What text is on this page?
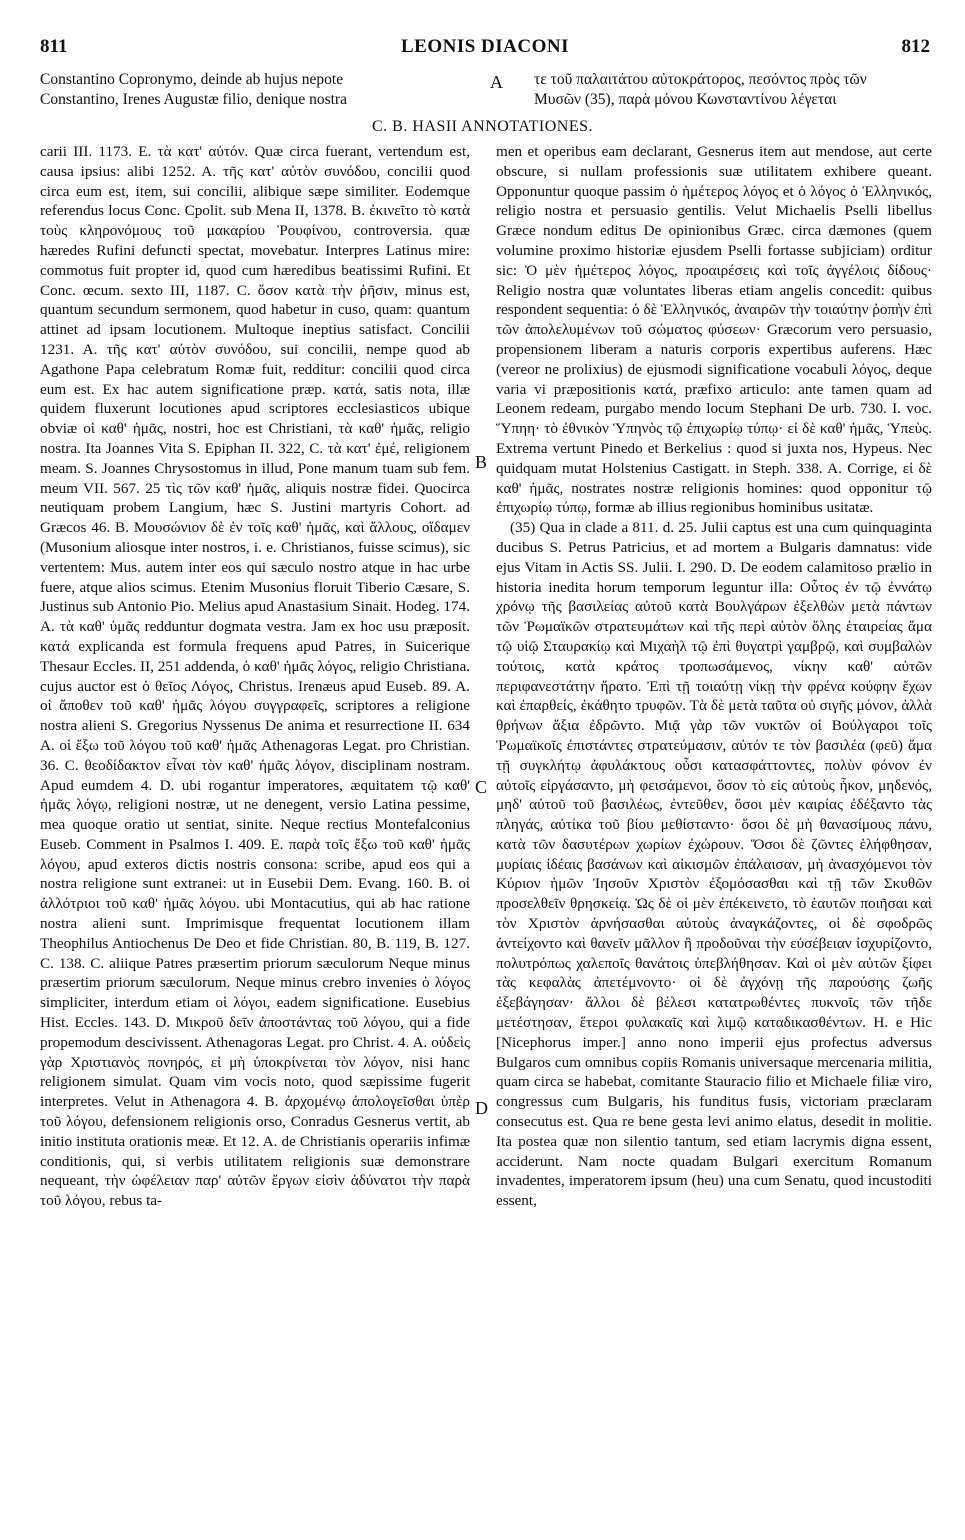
811	LEONIS DIACONI	812
Constantino Copronymo, deinde ab hujus nepote
Constantino, Irenes Augustæ filio, denique nostra
A τε τοῦ παλαιτάτου αὐτοκράτορος, πεσόντος πρὸς τῶν
Μυσῶν (35), παρὰ μόνου Κωνσταντίνου λέγεται
C. B. HASII ANNOTATIONES.

carii III. 1173. E. τὰ κατ' αὐτόν. Quæ circa fuerant, vertendum est, causa ipsius: alibi 1252. A. τῆς κατ' αὐτὸν συνόδου, concilii quod circa eum est, item, sui concilii, alibique sæpe similiter. Eodemque referendus locus Conc. Cpolit. sub Mena II, 1378. B. ἐκινεῖτο τὸ κατὰ τοὺς κληρονόμους τοῦ μακαρίου Ῥουφίνου, controversia. quæ hæredes Rufini defuncti spectat, movebatur. Interpres Latinus mire: commotus fuit propter id, quod cum hæredibus beatissimi Rufini. Et Conc. œcum. sexto III, 1187. C. ὅσον κατὰ τὴν ῥῆσιν, minus est, quantum secundum sermonem, quod habetur in cuso, quam: quantum attinet ad ipsam locutionem. Multoque ineptius satisfact. Concilii 1231. A. τῆς κατ' αὐτὸν συνόδου, sui concilii, nempe quod ab Agathone Papa celebratum Romæ fuit, redditur: concilii quod circa eum est. Ex hac autem significatione præp. κατά, satis nota, illæ quidem fluxerunt locutiones apud scriptores ecclesiasticos ubique obviæ οἱ καθ' ἡμᾶς, nostri, hoc est Christiani, τὰ καθ' ἡμᾶς, religio nostra. Ita Joannes Vita S. Epiphan II. 322, C. τὰ κατ' ἐμέ, religionem meam. S. Joannes Chrysostomus in illud, Pone manum tuam sub fem. meum VII. 567. 25 τὶς τῶν καθ' ἡμᾶς, aliquis nostræ fidei. Quocirca neutiquam probem Langium, hæc S. Justini martyris Cohort. ad Græcos 46. B. Μουσώνιον δὲ ἐν τοῖς καθ' ἡμᾶς, καὶ ἄλλους, οἴδαμεν (Musonium aliosque inter nostros, i. e. Christianos, fuisse scimus), sic vertentem: Mus. autem inter eos qui sæculo nostro atque in hac urbe fuere, atque alios scimus. Etenim Musonius floruit Tiberio Cæsare, S. Justinus sub Antonio Pio. Melius apud Anastasium Sinait. Hodeg. 174. A. τὰ καθ' ὑμᾶς redduntur dogmata vestra. Jam ex hoc usu præposit. κατά explicanda est formula frequens apud Patres, in Suicerique Thesaur Eccles. II, 251 addenda, ὁ καθ' ἡμᾶς λόγος, religio Christiana. cujus auctor est ὁ θεῖος Λόγος, Christus. Irenæus apud Euseb. 89. A. οἱ ἄποθεν τοῦ καθ' ἡμᾶς λόγου συγγραφεῖς, scriptores a religione nostra alieni S. Gregorius Nyssenus De anima et resurrectione II. 634 A. οἱ ἔξω τοῦ λόγου τοῦ καθ' ἡμᾶς Athenagoras Legat. pro Christian. 36. C. θεοδίδακτον εἶναι τὸν καθ' ἡμᾶς λόγον, disciplinam nostram. Apud eumdem 4. D. ubi rogantur imperatores, æquitatem τῷ καθ' ἡμᾶς λόγῳ, religioni nostræ, ut ne denegent, versio Latina pessime, mea quoque oratio ut sentiat, sinite. Neque rectius Montefalconius Euseb. Comment in Psalmos I. 409. E. παρὰ τοῖς ἔξω τοῦ καθ' ἡμᾶς λόγου, apud exteros dictis nostris consona: scribe, apud eos qui a nostra religione sunt extranei: ut in Eusebii Dem. Evang. 160. B. οἱ ἀλλότριοι τοῦ καθ' ἡμᾶς λόγου. ubi Montacutius, qui ab hac ratione nostra alieni sunt. Imprimisque frequentat locutionem illam Theophilus Antiochenus De Deo et fide Christian. 80, B. 119, B. 127. C. 138. C. aliique Patres præsertim priorum sæculorum Neque minus præsertim priorum sæculorum. Neque minus crebro invenies ὁ λόγος simpliciter, interdum etiam οἱ λόγοι, eadem significatione. Eusebius Hist. Eccles. 143. D. Μικροῦ δεῖν ἀποστάντας τοῦ λόγου, qui a fide propemodum descivissent. Athenagoras Legat. pro Christ. 4. A. οὐδεὶς γὰρ Χριστιανὸς πονηρός, εἰ μὴ ὑποκρίνεται τὸν λόγον, nisi hanc religionem simulat. Quam vim vocis noto, quod sæpissime fugerit interpretes. Velut in Athenagora 4. B. ἀρχομένῳ ἀπολογεῖσθαι ὑπὲρ τοῦ λόγου, defensionem religionis orso, Conradus Gesnerus vertit, ab initio instituta orationis meæ. Et 12. A. de Christianis operariis infimæ conditionis, qui, si verbis utilitatem religionis suæ demonstrare nequeant, τὴν ὠφέλειαν παρ' αὐτῶν ἔργων εἰσὶν ἀδύνατοι τὴν παρὰ τοῦ λόγου, rebus ta-

B
C
D

men et operibus eam declarant, Gesnerus item aut mendose, aut certe obscure, si nullam professionis suæ utilitatem exhibere queant. Opponuntur quoque passim ὁ ἡμέτερος λόγος et ὁ λόγος ὁ Ἑλληνικός, religio nostra et persuasio gentilis. Velut Michaelis Pselli libellus Græce nondum editus De opinionibus Græc. circa dæmones (quem volumine proximo historiæ ejusdem Pselli fortasse subjiciam) orditur sic: Ὁ μὲν ἡμέτερος λόγος, προαιρέσεις καὶ τοῖς ἀγγέλοις δίδους· Religio nostra quæ voluntates liberas etiam angelis concedit: quibus respondent sequentia: ὁ δὲ Ἑλληνικός, ἀναιρῶν τὴν τοιαύτην ῥοπὴν ἐπὶ τῶν ἀπολελυμένων τοῦ σώματος φύσεων· Græcorum vero persuasio, propensionem liberam a naturis corporis expertibus auferens. Hæc (vereor ne prolixius) de ejusmodi significatione vocabuli λόγος, deque varia vi præpositionis κατά, præfixo articulo: ante tamen quam ad Leonem redeam, purgabo mendo locum Stephani De urb. 730. I. voc. Ὕπηη· τὸ ἐθνικὸν Ὑπηνὸς τῷ ἐπιχωρίῳ τύπῳ· εἰ δὲ καθ' ἡμᾶς, Ὑπεὺς. Extrema vertunt Pinedo et Berkelius : quod si juxta nos, Hypeus. Nec quidquam mutat Holstenius Castigatt. in Steph. 338. A. Corrige, εἰ δὲ καθ' ἡμᾶς, nostrates nostræ religionis homines: quod opponitur τῷ ἐπιχωρίῳ τύπῳ, formæ ab illius regionibus hominibus usitatæ.

(35) Qua in clade a 811. d. 25. Julii captus est una cum quinquaginta ducibus S. Petrus Patricius, et ad mortem a Bulgaris damnatus: vide ejus Vitam in Actis SS. Julii. I. 290. D. De eodem calamitoso prælio in historia inedita horum temporum leguntur illa: Οὗτος ἐν τῷ ἐννάτῳ χρόνῳ τῆς βασιλείας αὐτοῦ κατὰ Βουλγάρων ἐξελθὼν μετὰ πάντων τῶν Ῥωμαϊκῶν στρατευμάτων καὶ τῆς περὶ αὐτὸν ὅλης ἑταιρείας ἅμα τῷ υἱῷ Σταυρακίῳ καὶ Μιχαὴλ τῷ ἐπὶ θυγατρὶ γαμβρῷ, καὶ συμβαλὼν τούτοις, κατὰ κράτος τροπωσάμενος, νίκην καθ' αὐτῶν περιφανεστάτην ἤρατο. Ἐπὶ τῇ τοιαύτῃ νίκῃ τὴν φρένα κούφην ἔχων καὶ ἐπαρθείς, ἐκάθητο τρυφῶν. Τὰ δὲ μετὰ ταῦτα οὐ σιγῆς μόνον, ἀλλὰ θρήνων ἄξια ἐδρῶντο. Μιᾷ γὰρ τῶν νυκτῶν οἱ Βούλγαροι τοῖς Ῥωμαϊκοῖς ἐπιστάντες στρατεύμασιν, αὐτόν τε τὸν βασιλέα (φεῦ) ἅμα τῇ συγκλήτῳ ἀφυλάκτους οὖσι κατασφάττοντες, πολὺν φόνον ἐν αὐτοῖς εἰργάσαντο, μὴ φεισάμενοι, ὅσον τὸ εἰς αὐτοὺς ἧκον, μηδενός, μηδ' αὐτοῦ τοῦ βασιλέως, ἐντεῦθεν, ὅσοι μὲν καιρίας ἐδέξαντο τὰς πληγάς, αὐτίκα τοῦ βίου μεθίσταντο· ὅσοι δὲ μὴ θανασίμους πάνυ, κατὰ τῶν δασυτέρων χωρίων ἐχώρουν. Ὅσοι δὲ ζῶντες ἑλήφθησαν, μυρίαις ἰδέαις βασάνων καὶ αἰκισμῶν ἐπάλαισαν, μὴ ἀνασχόμενοι τὸν Κύριον ἡμῶν Ἰησοῦν Χριστὸν ἐξομόσασθαι καὶ τῇ τῶν Σκυθῶν προσελθεῖν θρησκείᾳ. Ὡς δὲ οἱ μὲν ἐπέκεινετο, τὸ ἑαυτῶν ποιῆσαι καὶ τὸν Χριστὸν ἀρνήσασθαι αὐτοὺς ἀναγκάζοντες, οἱ δὲ σφοδρῶς ἀντείχοντο καὶ θανεῖν μᾶλλον ἢ προδοῦναι τὴν εὐσέβειαν ἰσχυρίζοντο, πολυτρόπως χαλεποῖς θανάτοις ὑπεβλήθησαν. Καὶ οἱ μὲν αὐτῶν ξίφει τὰς κεφαλὰς ἀπετέμνοντο· οἱ δὲ ἀγχόνῃ τῆς παρούσης ζωῆς ἐξεβάγησαν· ἄλλοι δὲ βέλεσι κατατρωθέντες πυκνοῖς τῶν τῆδε μετέστησαν, ἕτεροι φυλακαῖς καὶ λιμῷ καταδικασθέντων. H. e Hic [Nicephorus imper.] anno nono imperii ejus profectus adversus Bulgaros cum omnibus copiis Romanis universaque mercenaria militia, quam circa se habebat, comitante Stauracio filio et Michaele filiæ viro, congressus cum Bulgaris, his funditus fusis, victoriam præclaram consecutus est. Qua re bene gesta levi animo elatus, desedit in molitie. Ita postea quæ non silentio tantum, sed etiam lacrymis digna essent, acciderunt. Nam nocte quadam Bulgari exercitum Romanum invadentes, imperatorem ipsum (heu) una cum Senatu, quod incustoditi essent,
